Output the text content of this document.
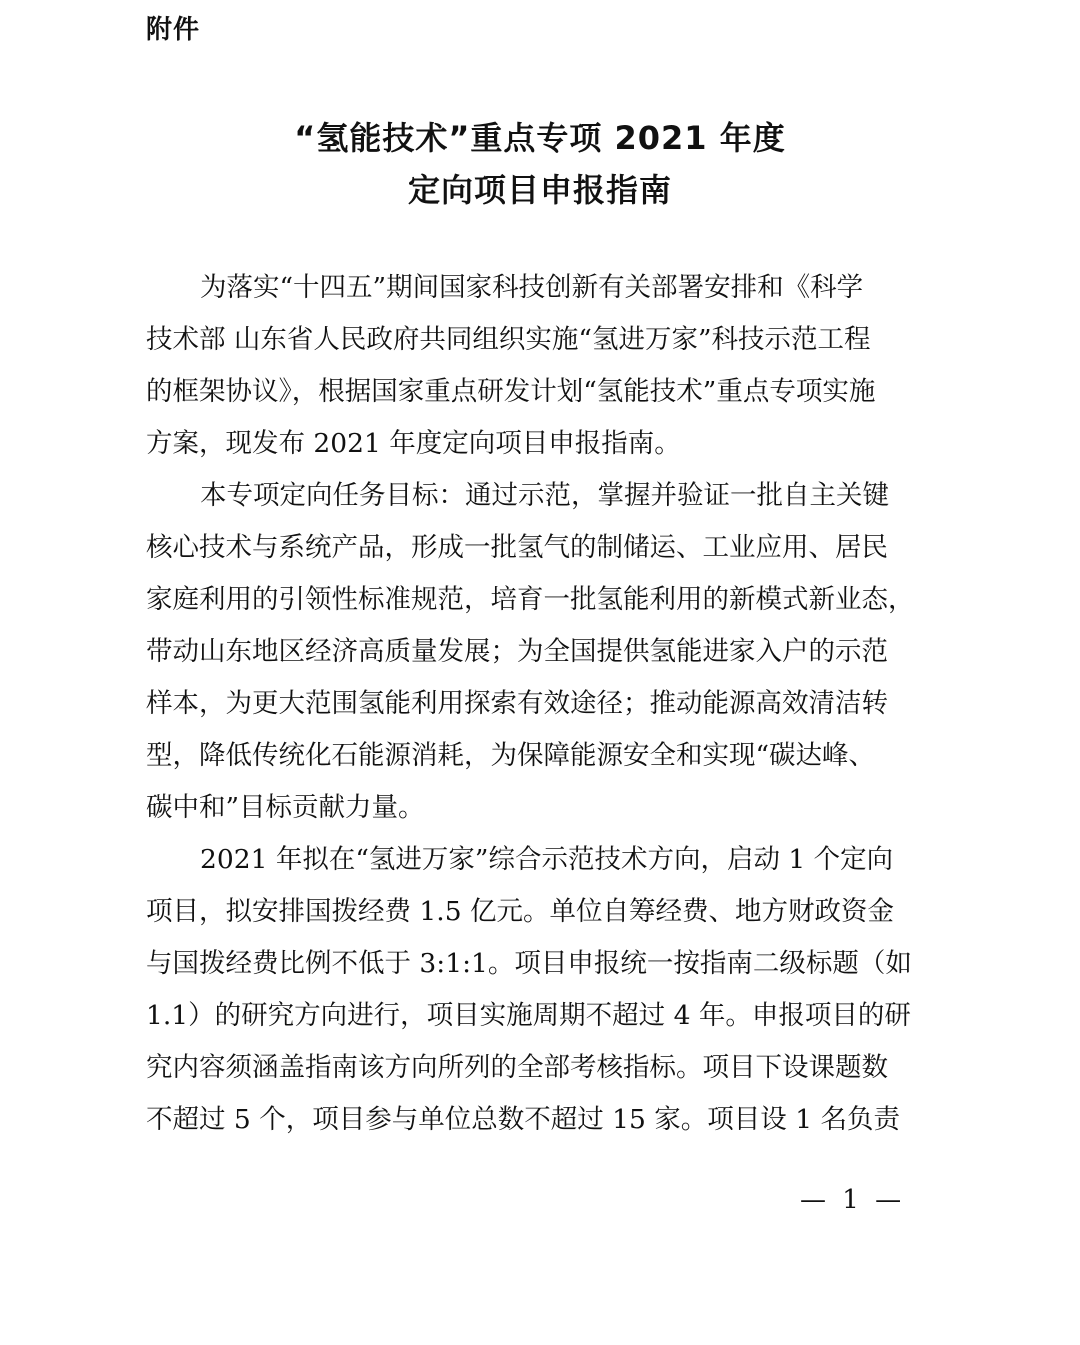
附件
“氢能技术”重点专项 2021 年度
定向项目申报指南

为落实“十四五”期间国家科技创新有关部署安排和《科学
技术部 山东省人民政府共同组织实施“氢进万家”科技示范工程
的框架协议》，根据国家重点研发计划“氢能技术”重点专项实施
方案，现发布 2021 年度定向项目申报指南。

本专项定向任务目标：通过示范，掌握并验证一批自主关键
核心技术与系统产品，形成一批氢气的制储运、工业应用、居民
家庭利用的引领性标准规范，培育一批氢能利用的新模式新业态，
带动山东地区经济高质量发展；为全国提供氢能进家入户的示范
样本，为更大范围氢能利用探索有效途径；推动能源高效清洁转
型，降低传统化石能源消耗，为保障能源安全和实现“碳达峰、
碳中和”目标贡献力量。

2021 年拟在“氢进万家”综合示范技术方向，启动 1 个定向
项目，拟安排国拨经费 1.5 亿元。单位自筹经费、地方财政资金
与国拨经费比例不低于 3:1:1。项目申报统一按指南二级标题（如
1.1）的研究方向进行，项目实施周期不超过 4 年。申报项目的研
究内容须涵盖指南该方向所列的全部考核指标。项目下设课题数
不超过 5 个，项目参与单位总数不超过 15 家。项目设 1 名负责

— 1 —
